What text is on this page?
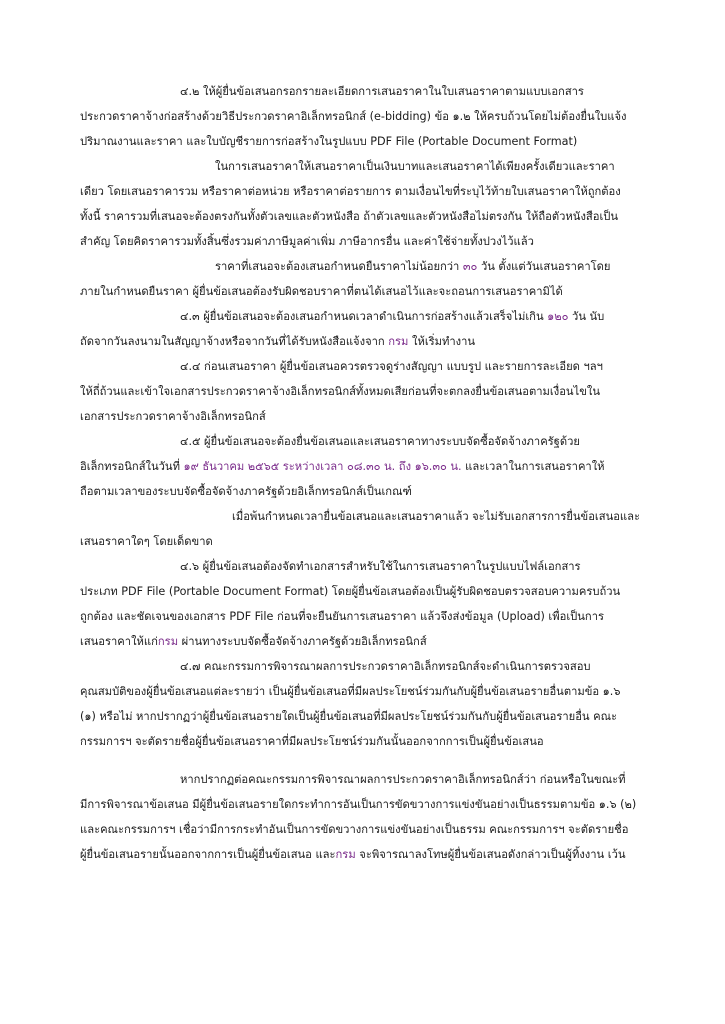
๔.๒ ให้ผู้ยื่นข้อเสนอกรอกรายละเอียดการเสนอราคาในใบเสนอราคาตามแบบเอกสาร
ประกวดราคาจ้างก่อสร้างด้วยวิธีประกวดราคาอิเล็กทรอนิกส์ (e-bidding) ข้อ ๑.๒ ให้ครบถ้วนโดยไม่ต้องยื่นใบแจ้ง
ปริมาณงานและราคา และใบบัญชีรายการก่อสร้างในรูปแบบ PDF File (Portable Document Format)
ในการเสนอราคาให้เสนอราคาเป็นเงินบาทและเสนอราคาได้เพียงครั้งเดียวและราคา
เดียว โดยเสนอราคารวม หรือราคาต่อหน่วย หรือราคาต่อรายการ ตามเงื่อนไขที่ระบุไว้ท้ายใบเสนอราคาให้ถูกต้อง
ทั้งนี้ ราคารวมที่เสนอจะต้องตรงกันทั้งตัวเลขและตัวหนังสือ ถ้าตัวเลขและตัวหนังสือไม่ตรงกัน ให้ถือตัวหนังสือเป็น
สำคัญ โดยคิดราคารวมทั้งสิ้นซึ่งรวมค่าภาษีมูลค่าเพิ่ม ภาษีอากรอื่น และค่าใช้จ่ายทั้งปวงไว้แล้ว
ราคาที่เสนอจะต้องเสนอกำหนดยืนราคาไม่น้อยกว่า ๓๐ วัน ตั้งแต่วันเสนอราคาโดย
ภายในกำหนดยืนราคา ผู้ยื่นข้อเสนอต้องรับผิดชอบราคาที่ตนได้เสนอไว้และจะถอนการเสนอราคามิได้
๔.๓ ผู้ยื่นข้อเสนอจะต้องเสนอกำหนดเวลาดำเนินการก่อสร้างแล้วเสร็จไม่เกิน ๑๒๐ วัน นับ
ถัดจากวันลงนามในสัญญาจ้างหรือจากวันที่ได้รับหนังสือแจ้งจาก กรม ให้เริ่มทำงาน
๔.๔ ก่อนเสนอราคา ผู้ยื่นข้อเสนอควรตรวจดูร่างสัญญา แบบรูป และรายการละเอียด ฯลฯ
ให้ถี่ถ้วนและเข้าใจเอกสารประกวดราคาจ้างอิเล็กทรอนิกส์ทั้งหมดเสียก่อนที่จะตกลงยื่นข้อเสนอตามเงื่อนไขใน
เอกสารประกวดราคาจ้างอิเล็กทรอนิกส์
๔.๕ ผู้ยื่นข้อเสนอจะต้องยื่นข้อเสนอและเสนอราคาทางระบบจัดซื้อจัดจ้างภาครัฐด้วย
อิเล็กทรอนิกส์ในวันที่ ๑๙ ธันวาคม ๒๕๖๕ ระหว่างเวลา ๐๘.๓๐ น. ถึง ๑๖.๓๐ น. และเวลาในการเสนอราคาให้
ถือตามเวลาของระบบจัดซื้อจัดจ้างภาครัฐด้วยอิเล็กทรอนิกส์เป็นเกณฑ์
เมื่อพ้นกำหนดเวลายื่นข้อเสนอและเสนอราคาแล้ว จะไม่รับเอกสารการยื่นข้อเสนอและ
เสนอราคาใดๆ โดยเด็ดขาด
๔.๖ ผู้ยื่นข้อเสนอต้องจัดทำเอกสารสำหรับใช้ในการเสนอราคาในรูปแบบไฟล์เอกสาร
ประเภท PDF File (Portable Document Format) โดยผู้ยื่นข้อเสนอต้องเป็นผู้รับผิดชอบตรวจสอบความครบถ้วน
ถูกต้อง และชัดเจนของเอกสาร PDF File ก่อนที่จะยืนยันการเสนอราคา แล้วจึงส่งข้อมูล (Upload) เพื่อเป็นการ
เสนอราคาให้แก่กรม ผ่านทางระบบจัดซื้อจัดจ้างภาครัฐด้วยอิเล็กทรอนิกส์
๔.๗ คณะกรรมการพิจารณาผลการประกวดราคาอิเล็กทรอนิกส์จะดำเนินการตรวจสอบ
คุณสมบัติของผู้ยื่นข้อเสนอแต่ละรายว่า เป็นผู้ยื่นข้อเสนอที่มีผลประโยชน์ร่วมกันกับผู้ยื่นข้อเสนอรายอื่นตามข้อ ๑.๖
(๑) หรือไม่ หากปรากฏว่าผู้ยื่นข้อเสนอรายใดเป็นผู้ยื่นข้อเสนอที่มีผลประโยชน์ร่วมกันกับผู้ยื่นข้อเสนอรายอื่น คณะ
กรรมการฯ จะตัดรายชื่อผู้ยื่นข้อเสนอราคาที่มีผลประโยชน์ร่วมกันนั้นออกจากการเป็นผู้ยื่นข้อเสนอ
หากปรากฏต่อคณะกรรมการพิจารณาผลการประกวดราคาอิเล็กทรอนิกส์ว่า ก่อนหรือในขณะที่
มีการพิจารณาข้อเสนอ มีผู้ยื่นข้อเสนอรายใดกระทำการอันเป็นการขัดขวางการแข่งขันอย่างเป็นธรรมตามข้อ ๑.๖ (๒)
และคณะกรรมการฯ เชื่อว่ามีการกระทำอันเป็นการขัดขวางการแข่งขันอย่างเป็นธรรม คณะกรรมการฯ จะตัดรายชื่อ
ผู้ยื่นข้อเสนอรายนั้นออกจากการเป็นผู้ยื่นข้อเสนอ และกรม จะพิจารณาลงโทษผู้ยื่นข้อเสนอดังกล่าวเป็นผู้ทิ้งงาน เว้น
